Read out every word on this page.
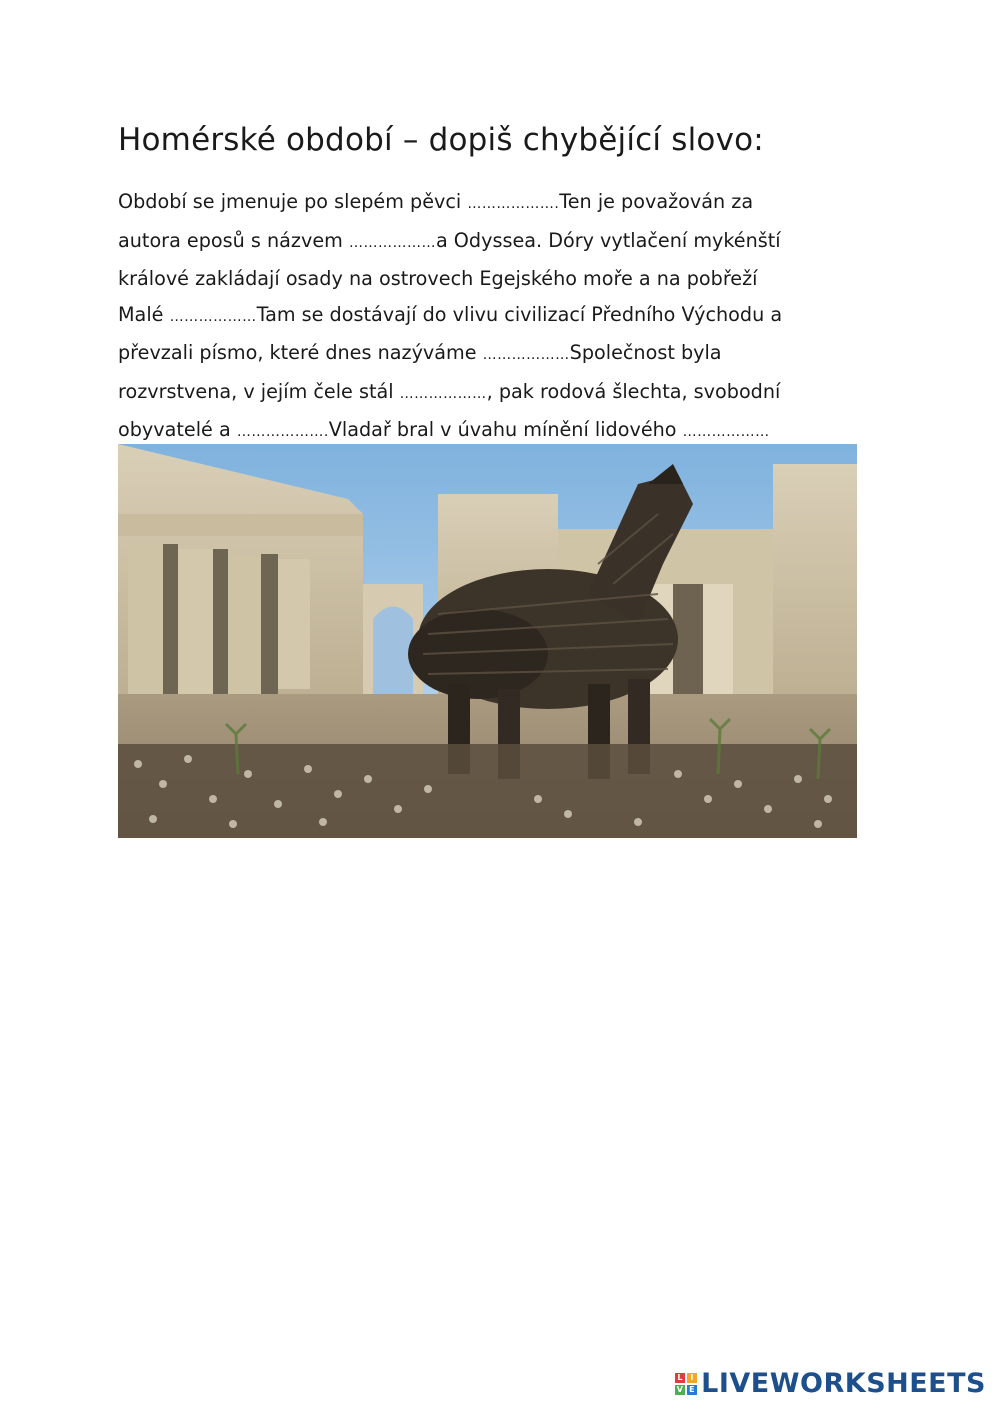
Homérské období – dopiš chybějící slovo:
Období se jmenuje po slepém pěvci ……………….Ten je považován za
autora eposů s názvem ………………a Odyssea. Dóry vytlačení mykénští
králové zakládají osady na ostrovech Egejského moře a na pobřeží
Malé ………………Tam se dostávají do vlivu civilizací Předního Východu a
převzali písmo, které dnes nazýváme ………………Společnost byla
rozvrstvena, v jejím čele stál ………………, pak rodová šlechta, svobodní
obyvatelé a ……………….Vladař bral v úvahu mínění lidového ………………
L I
V E LIVEWORKSHEETS
